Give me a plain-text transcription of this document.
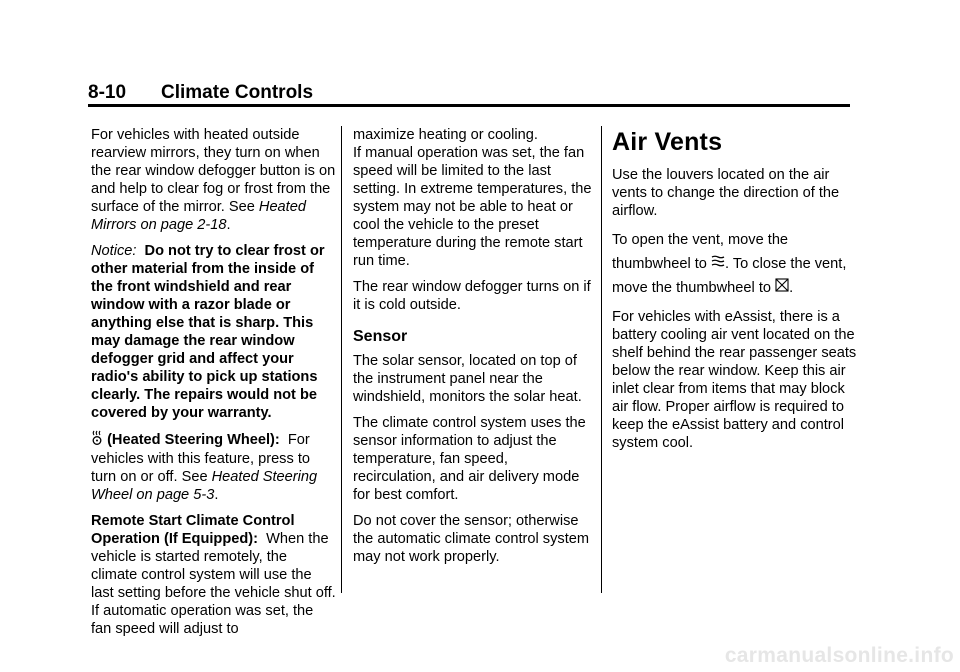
8-10 Climate Controls

For vehicles with heated outside rearview mirrors, they turn on when the rear window defogger button is on and help to clear fog or frost from the surface of the mirror. See Heated Mirrors on page 2-18.

Notice: Do not try to clear frost or other material from the inside of the front windshield and rear window with a razor blade or anything else that is sharp. This may damage the rear window defogger grid and affect your radio's ability to pick up stations clearly. The repairs would not be covered by your warranty.

(Heated Steering Wheel): For vehicles with this feature, press to turn on or off. See Heated Steering Wheel on page 5-3.

Remote Start Climate Control Operation (If Equipped): When the vehicle is started remotely, the climate control system will use the last setting before the vehicle shut off. If automatic operation was set, the fan speed will adjust to

maximize heating or cooling.

If manual operation was set, the fan speed will be limited to the last setting. In extreme temperatures, the system may not be able to heat or cool the vehicle to the preset temperature during the remote start run time.

The rear window defogger turns on if it is cold outside.

Sensor

The solar sensor, located on top of the instrument panel near the windshield, monitors the solar heat.

The climate control system uses the sensor information to adjust the temperature, fan speed, recirculation, and air delivery mode for best comfort.

Do not cover the sensor; otherwise the automatic climate control system may not work properly.

Air Vents

Use the louvers located on the air vents to change the direction of the airflow.

To open the vent, move the thumbwheel to . To close the vent, move the thumbwheel to .

For vehicles with eAssist, there is a battery cooling air vent located on the shelf behind the rear passenger seats below the rear window. Keep this air inlet clear from items that may block air flow. Proper airflow is required to keep the eAssist battery and control system cool.

carmanualsonline.info
